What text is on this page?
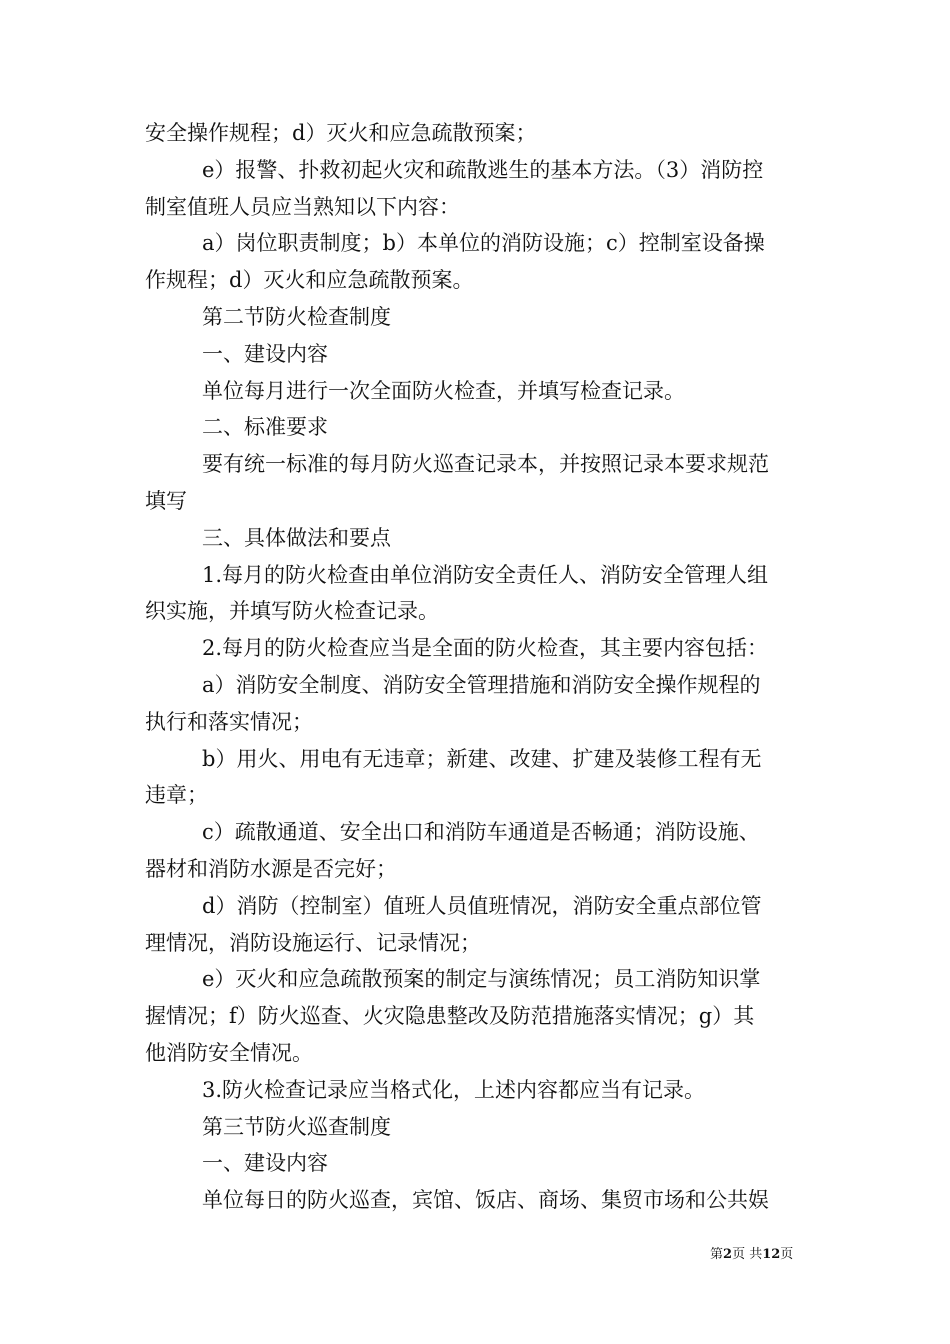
安全操作规程；d）灭火和应急疏散预案；
e）报警、扑救初起火灾和疏散逃生的基本方法。（3）消防控
制室值班人员应当熟知以下内容：
a）岗位职责制度；b）本单位的消防设施；c）控制室设备操
作规程；d）灭火和应急疏散预案。
第二节防火检查制度
一、建设内容
单位每月进行一次全面防火检查，并填写检查记录。
二、标准要求
要有统一标准的每月防火巡查记录本，并按照记录本要求规范
填写
三、具体做法和要点
1.每月的防火检查由单位消防安全责任人、消防安全管理人组
织实施，并填写防火检查记录。
2.每月的防火检查应当是全面的防火检查，其主要内容包括：
a）消防安全制度、消防安全管理措施和消防安全操作规程的
执行和落实情况；
b）用火、用电有无违章；新建、改建、扩建及装修工程有无
违章；
c）疏散通道、安全出口和消防车通道是否畅通；消防设施、
器材和消防水源是否完好；
d）消防（控制室）值班人员值班情况，消防安全重点部位管
理情况，消防设施运行、记录情况；
e）灭火和应急疏散预案的制定与演练情况；员工消防知识掌
握情况；f）防火巡查、火灾隐患整改及防范措施落实情况；g）其
他消防安全情况。
3.防火检查记录应当格式化，上述内容都应当有记录。
第三节防火巡查制度
一、建设内容
单位每日的防火巡查，宾馆、饭店、商场、集贸市场和公共娱
第2页 共12页
